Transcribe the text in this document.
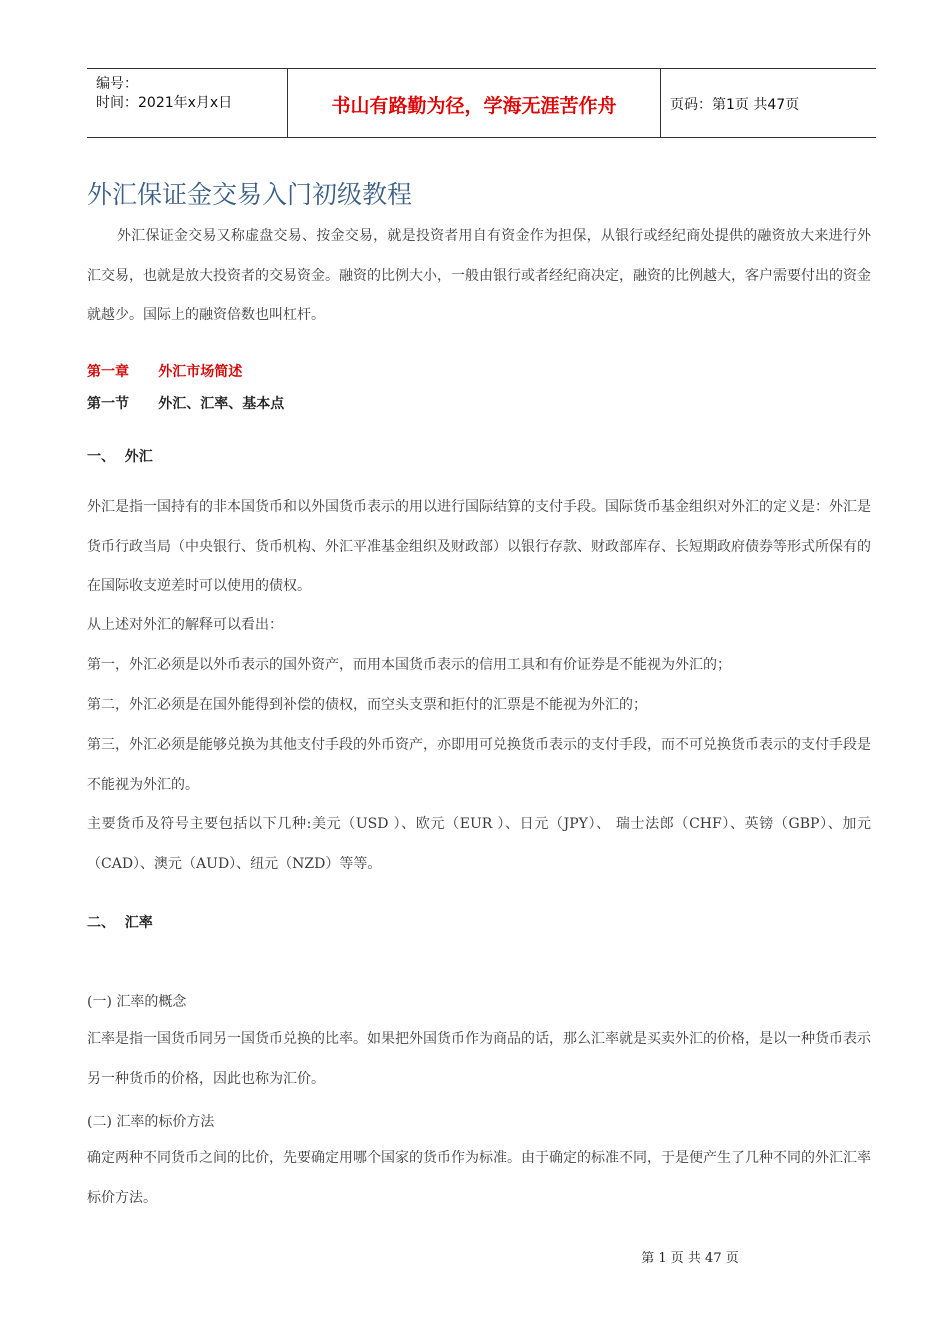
编号：
时间：2021年x月x日	书山有路勤为径，学海无涯苦作舟	页码：第1页 共47页
外汇保证金交易入门初级教程
外汇保证金交易又称虚盘交易、按金交易，就是投资者用自有资金作为担保，从银行或经纪商处提供的融资放大来进行外汇交易，也就是放大投资者的交易资金。融资的比例大小，一般由银行或者经纪商决定，融资的比例越大，客户需要付出的资金就越少。国际上的融资倍数也叫杠杆。
第一章      外汇市场简述
第一节      外汇、汇率、基本点
一、  外汇
外汇是指一国持有的非本国货币和以外国货币表示的用以进行国际结算的支付手段。国际货币基金组织对外汇的定义是：外汇是货币行政当局（中央银行、货币机构、外汇平准基金组织及财政部）以银行存款、财政部库存、长短期政府债券等形式所保有的在国际收支逆差时可以使用的债权。
从上述对外汇的解释可以看出：
第一，外汇必须是以外币表示的国外资产，而用本国货币表示的信用工具和有价证券是不能视为外汇的；
第二，外汇必须是在国外能得到补偿的债权，而空头支票和拒付的汇票是不能视为外汇的；
第三，外汇必须是能够兑换为其他支付手段的外币资产，亦即用可兑换货币表示的支付手段，而不可兑换货币表示的支付手段是不能视为外汇的。
主要货币及符号主要包括以下几种:美元（USD ）、欧元（EUR ）、日元（JPY）、 瑞士法郎（CHF）、英镑（GBP）、加元（CAD）、澳元（AUD）、纽元（NZD）等等。
二、  汇率
(一) 汇率的概念
汇率是指一国货币同另一国货币兑换的比率。如果把外国货币作为商品的话，那么汇率就是买卖外汇的价格，是以一种货币表示另一种货币的价格，因此也称为汇价。
(二) 汇率的标价方法
确定两种不同货币之间的比价，先要确定用哪个国家的货币作为标准。由于确定的标准不同，于是便产生了几种不同的外汇汇率标价方法。
第 1 页 共 47 页
